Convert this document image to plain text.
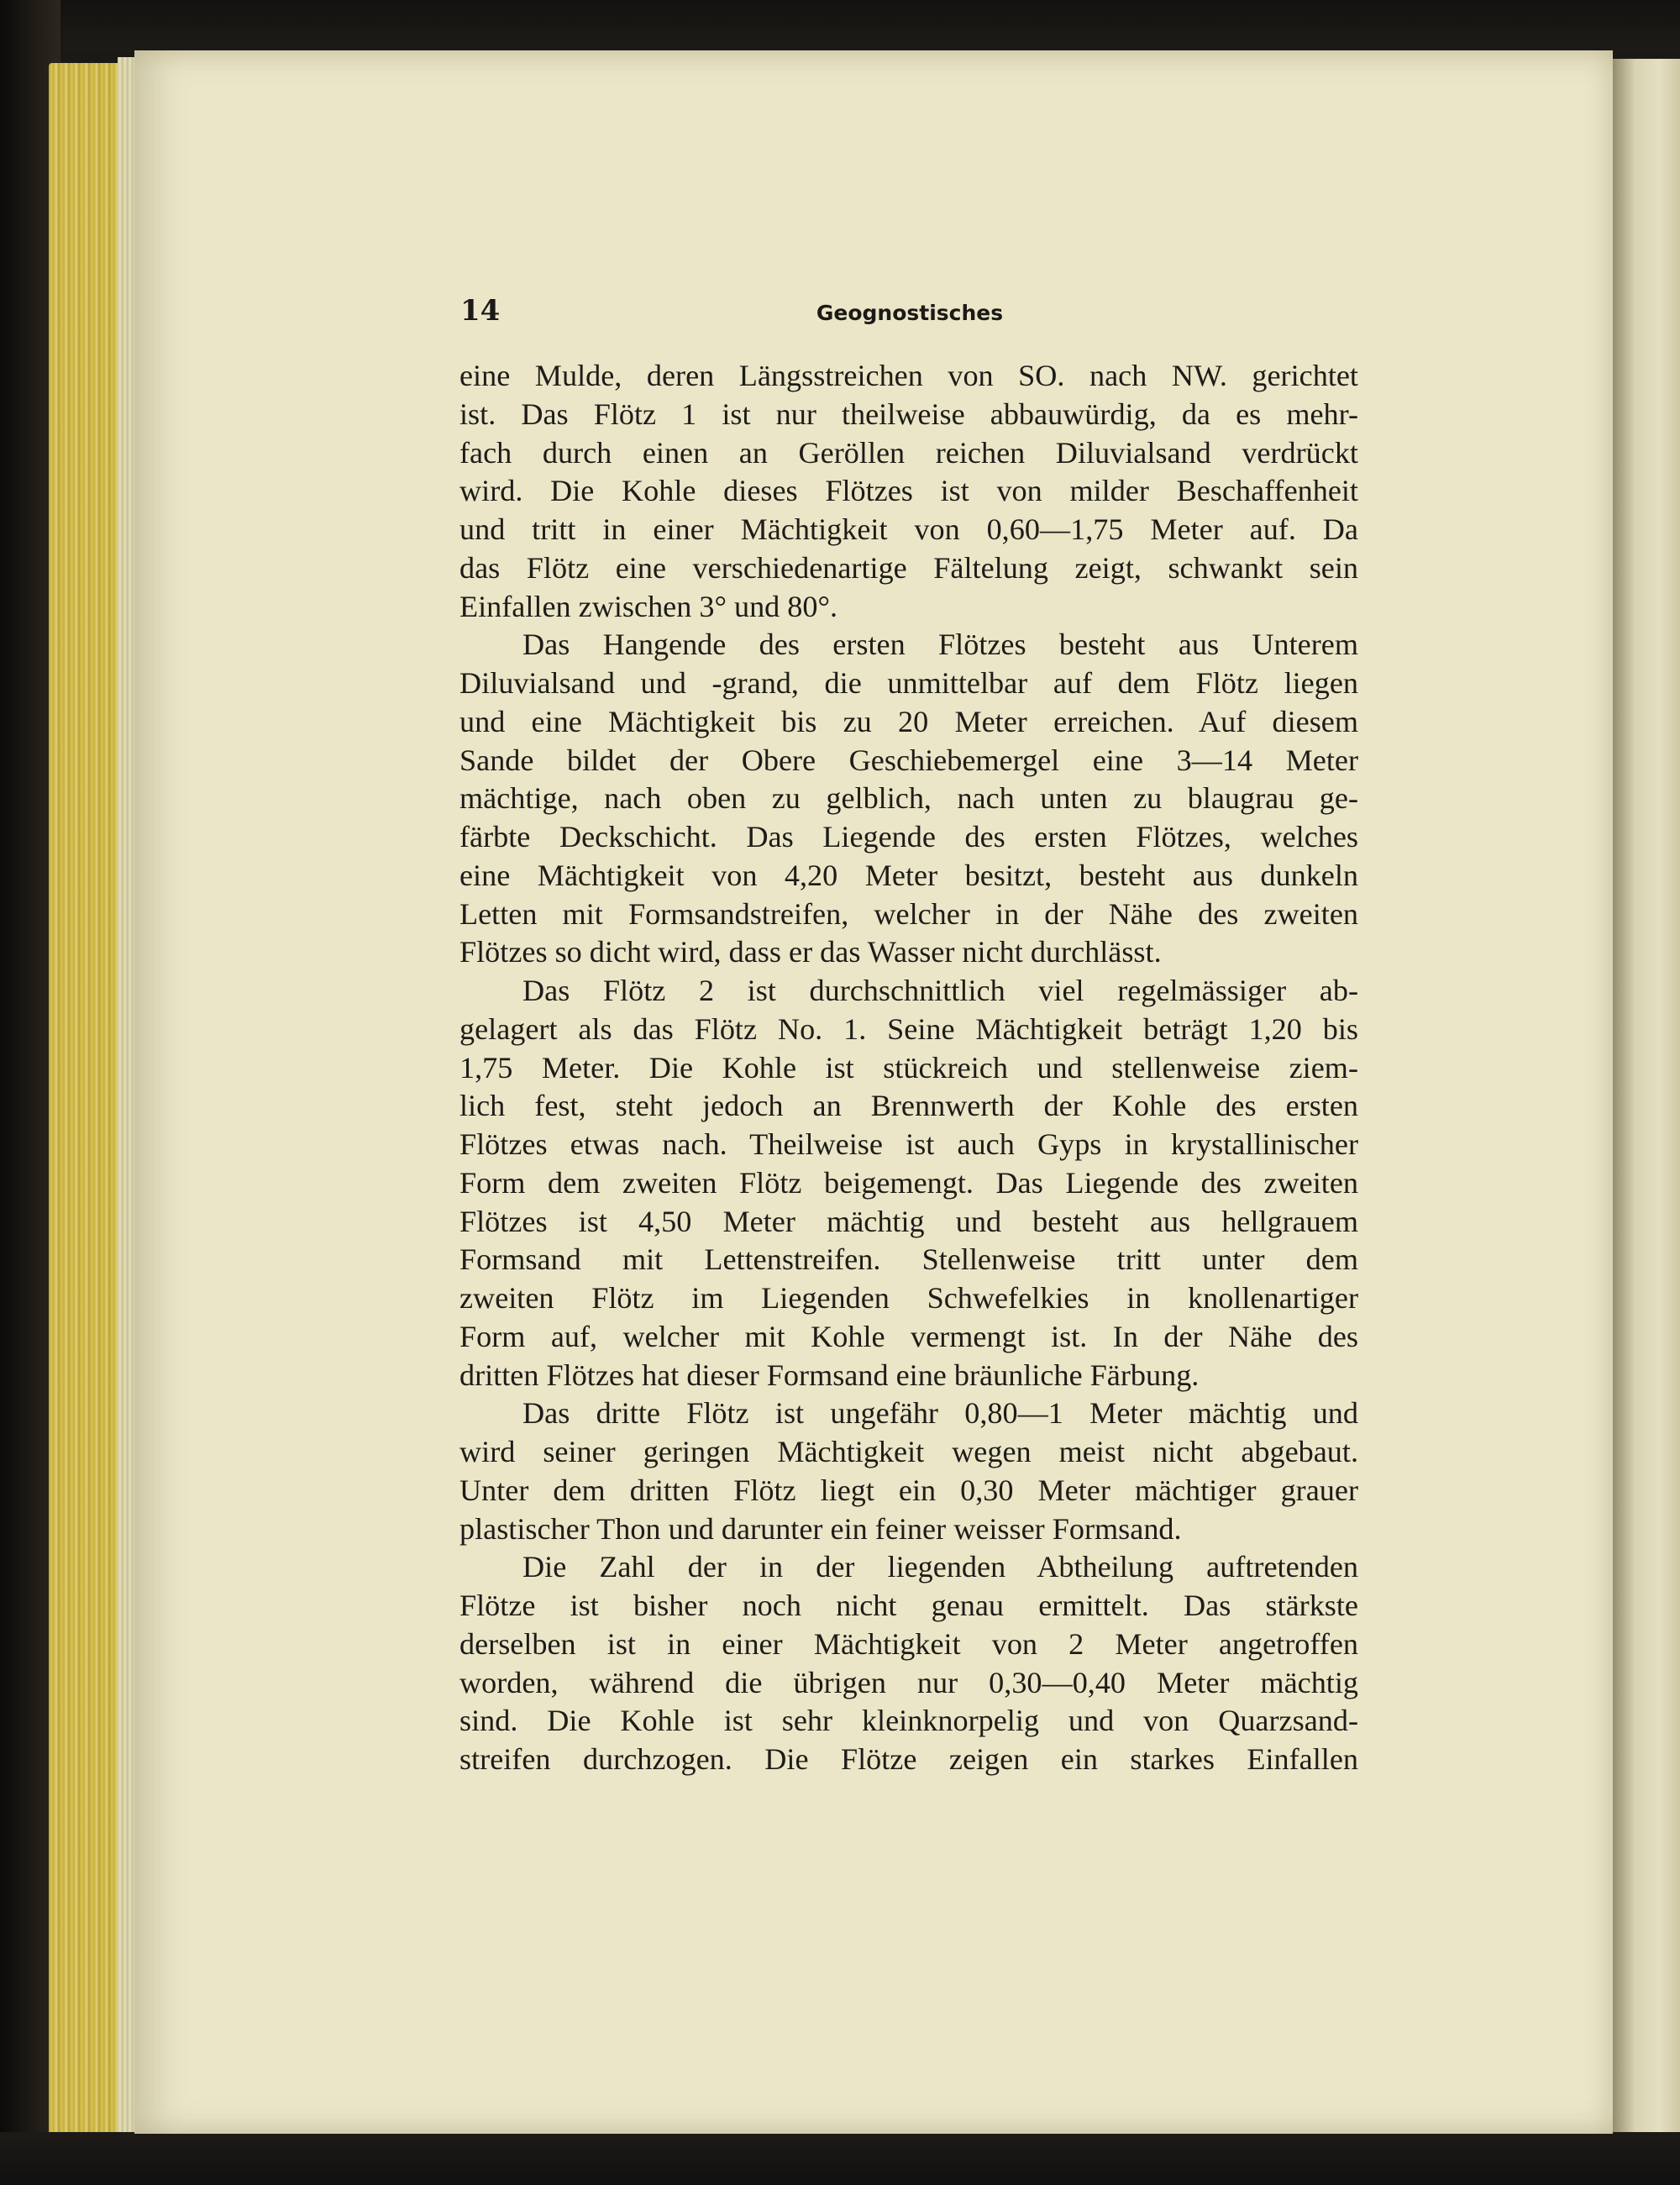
14	Geognostisches
eine Mulde, deren Längsstreichen von SO. nach NW. gerichtet
ist. Das Flötz 1 ist nur theilweise abbauwürdig, da es mehr-
fach durch einen an Geröllen reichen Diluvialsand verdrückt
wird. Die Kohle dieses Flötzes ist von milder Beschaffenheit
und tritt in einer Mächtigkeit von 0,60—1,75 Meter auf. Da
das Flötz eine verschiedenartige Fältelung zeigt, schwankt sein
Einfallen zwischen 3° und 80°.
Das Hangende des ersten Flötzes besteht aus Unterem
Diluvialsand und -grand, die unmittelbar auf dem Flötz liegen
und eine Mächtigkeit bis zu 20 Meter erreichen. Auf diesem
Sande bildet der Obere Geschiebemergel eine 3—14 Meter
mächtige, nach oben zu gelblich, nach unten zu blaugrau ge-
färbte Deckschicht. Das Liegende des ersten Flötzes, welches
eine Mächtigkeit von 4,20 Meter besitzt, besteht aus dunkeln
Letten mit Formsandstreifen, welcher in der Nähe des zweiten
Flötzes so dicht wird, dass er das Wasser nicht durchlässt.
Das Flötz 2 ist durchschnittlich viel regelmässiger ab-
gelagert als das Flötz No. 1. Seine Mächtigkeit beträgt 1,20 bis
1,75 Meter. Die Kohle ist stückreich und stellenweise ziem-
lich fest, steht jedoch an Brennwerth der Kohle des ersten
Flötzes etwas nach. Theilweise ist auch Gyps in krystallinischer
Form dem zweiten Flötz beigemengt. Das Liegende des zweiten
Flötzes ist 4,50 Meter mächtig und besteht aus hellgrauem
Formsand mit Lettenstreifen. Stellenweise tritt unter dem
zweiten Flötz im Liegenden Schwefelkies in knollenartiger
Form auf, welcher mit Kohle vermengt ist. In der Nähe des
dritten Flötzes hat dieser Formsand eine bräunliche Färbung.
Das dritte Flötz ist ungefähr 0,80—1 Meter mächtig und
wird seiner geringen Mächtigkeit wegen meist nicht abgebaut.
Unter dem dritten Flötz liegt ein 0,30 Meter mächtiger grauer
plastischer Thon und darunter ein feiner weisser Formsand.
Die Zahl der in der liegenden Abtheilung auftretenden
Flötze ist bisher noch nicht genau ermittelt. Das stärkste
derselben ist in einer Mächtigkeit von 2 Meter angetroffen
worden, während die übrigen nur 0,30—0,40 Meter mächtig
sind. Die Kohle ist sehr kleinknorpelig und von Quarzsand-
streifen durchzogen. Die Flötze zeigen ein starkes Einfallen
